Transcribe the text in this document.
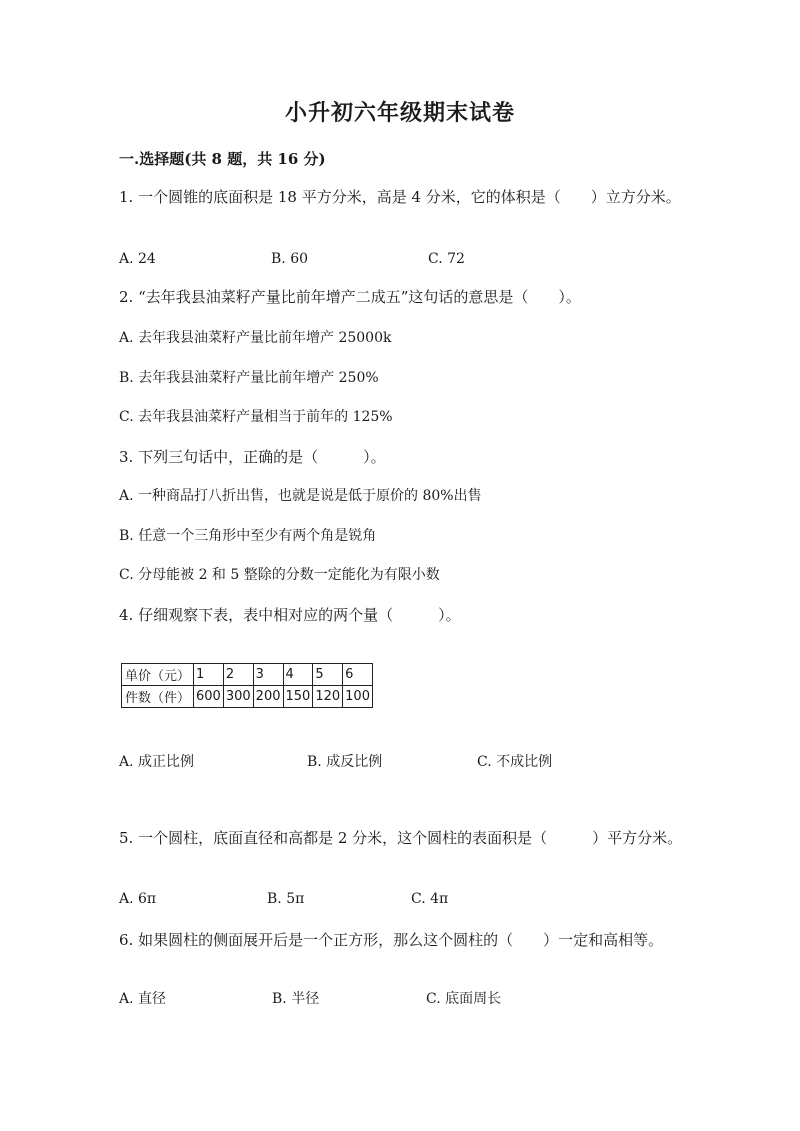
小升初六年级期末试卷
一.选择题(共 8 题，共 16 分)
1. 一个圆锥的底面积是 18 平方分米，高是 4 分米，它的体积是（　　）立方分米。
A. 24	B. 60	C. 72
2. “去年我县油菜籽产量比前年增产二成五”这句话的意思是（　　）。
A. 去年我县油菜籽产量比前年增产 25000k
B. 去年我县油菜籽产量比前年增产 250%
C. 去年我县油菜籽产量相当于前年的 125%
3. 下列三句话中，正确的是（　　　）。
A. 一种商品打八折出售，也就是说是低于原价的 80%出售
B. 任意一个三角形中至少有两个角是锐角
C. 分母能被 2 和 5 整除的分数一定能化为有限小数
4. 仔细观察下表，表中相对应的两个量（　　　）。
单价（元）	1	2	3	4	5	6
件数（件）	600	300	200	150	120	100
A. 成正比例	B. 成反比例	C. 不成比例
5. 一个圆柱，底面直径和高都是 2 分米，这个圆柱的表面积是（　　　）平方分米。
A. 6π	B. 5π	C. 4π
6. 如果圆柱的侧面展开后是一个正方形，那么这个圆柱的（　　）一定和高相等。
A. 直径	B. 半径	C. 底面周长
